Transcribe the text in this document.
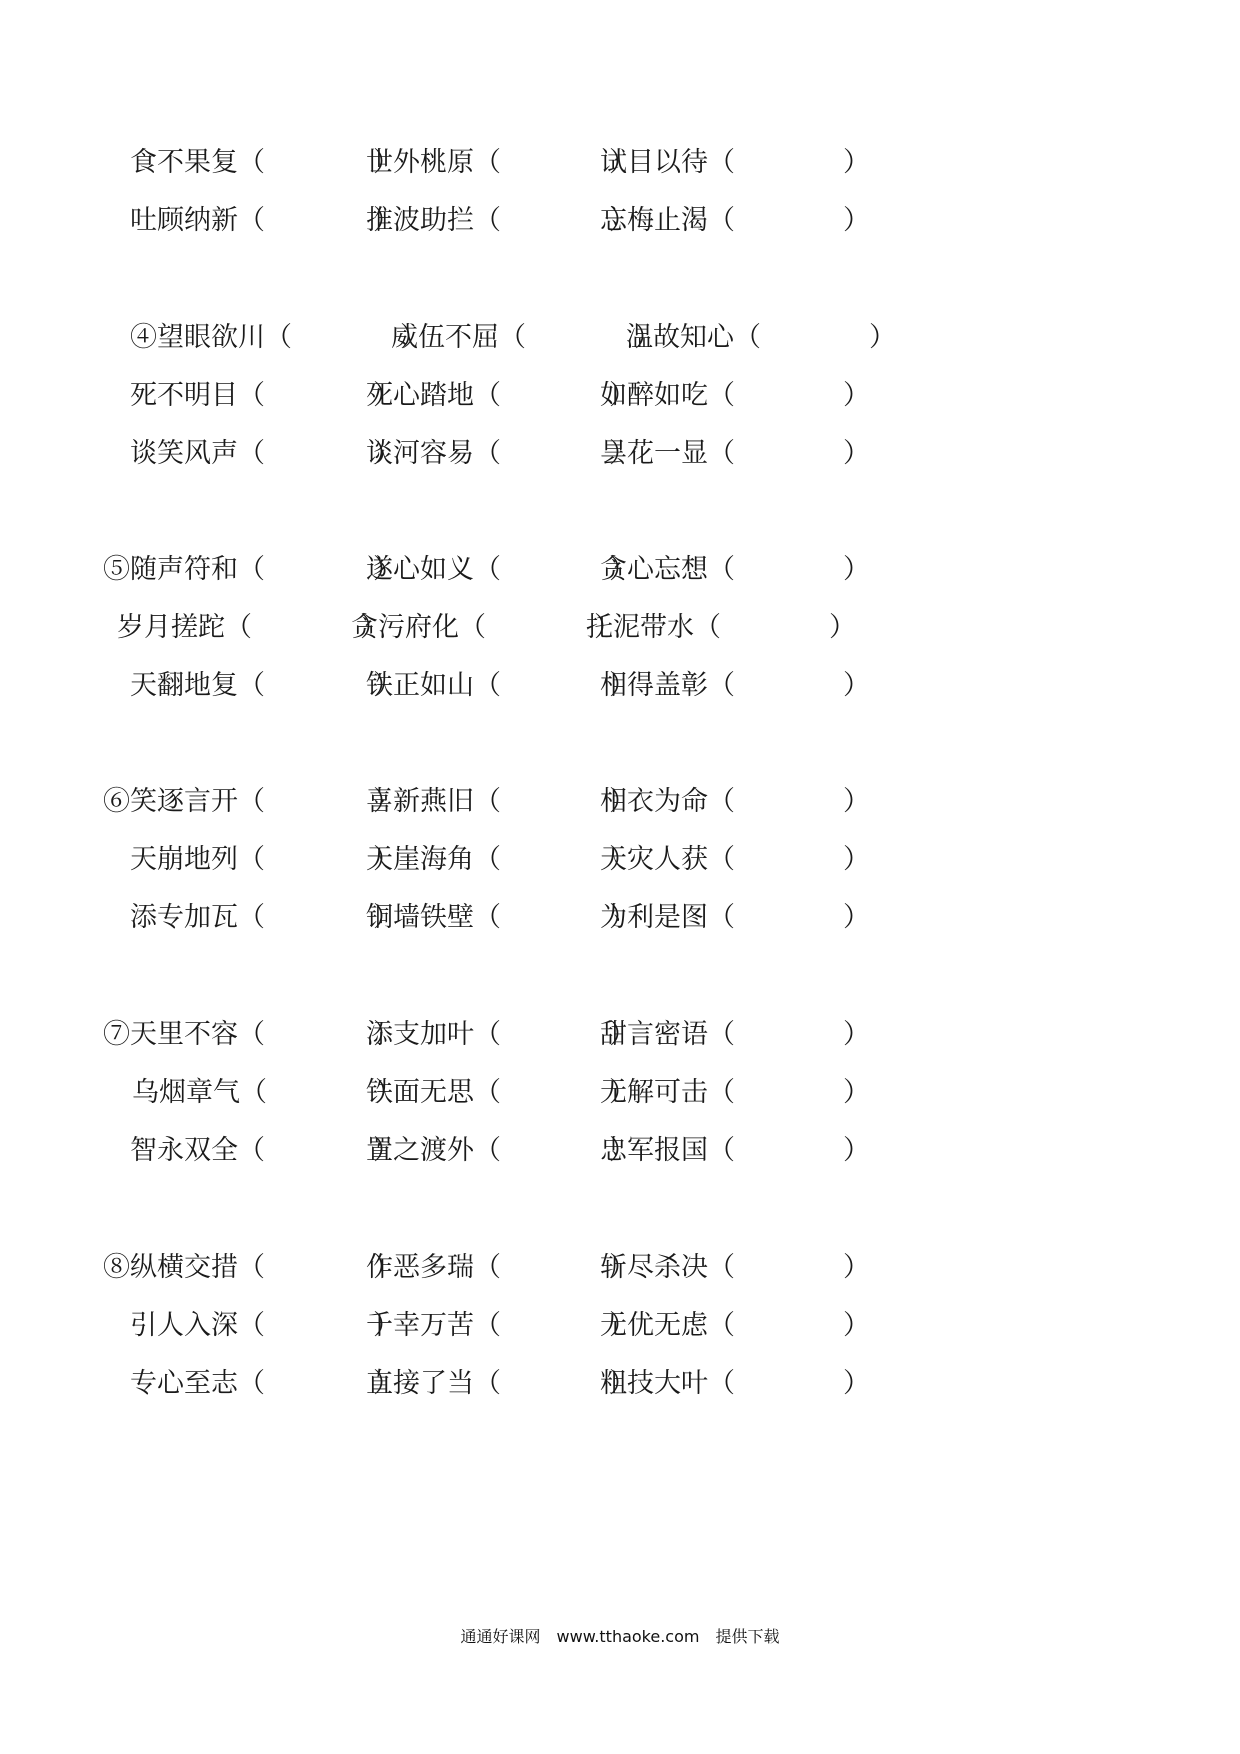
食不果复（　　　　）
世外桃原（　　　　）
试目以待（　　　　）
吐顾纳新（　　　　）
推波助拦（　　　　）
忘梅止渴（　　　　）
④望眼欲川（　　　　）
威伍不屈（　　　　）
温故知心（　　　　）
死不明目（　　　　）
死心踏地（　　　　）
如醉如吃（　　　　）
谈笑风声（　　　　）
谈河容易（　　　　）
昙花一显（　　　　）
⑤随声符和（　　　　）
遂心如义（　　　　）
贪心忘想（　　　　）
岁月搓跎（　　　　）
贪污府化（　　　　）
托泥带水（　　　　）
天翻地复（　　　　）
铁正如山（　　　　）
相得盖彰（　　　　）
⑥笑逐言开（　　　　）
喜新燕旧（　　　　）
相衣为命（　　　　）
天崩地列（　　　　）
天崖海角（　　　　）
天灾人获（　　　　）
添专加瓦（　　　　）
铜墙铁壁（　　　　）
为利是图（　　　　）
⑦天里不容（　　　　）
添支加叶（　　　　）
甜言密语（　　　　）
乌烟章气（　　　　）
铁面无思（　　　　）
无解可击（　　　　）
智永双全（　　　　）
置之渡外（　　　　）
忠军报国（　　　　）
⑧纵横交措（　　　　）
作恶多瑞（　　　　）
斩尽杀决（　　　　）
引人入深（　　　　）
千幸万苦（　　　　）
无优无虑（　　　　）
专心至志（　　　　）
直接了当（　　　　）
粗技大叶（　　　　）
通通好课网　www.tthaoke.com　提供下载
